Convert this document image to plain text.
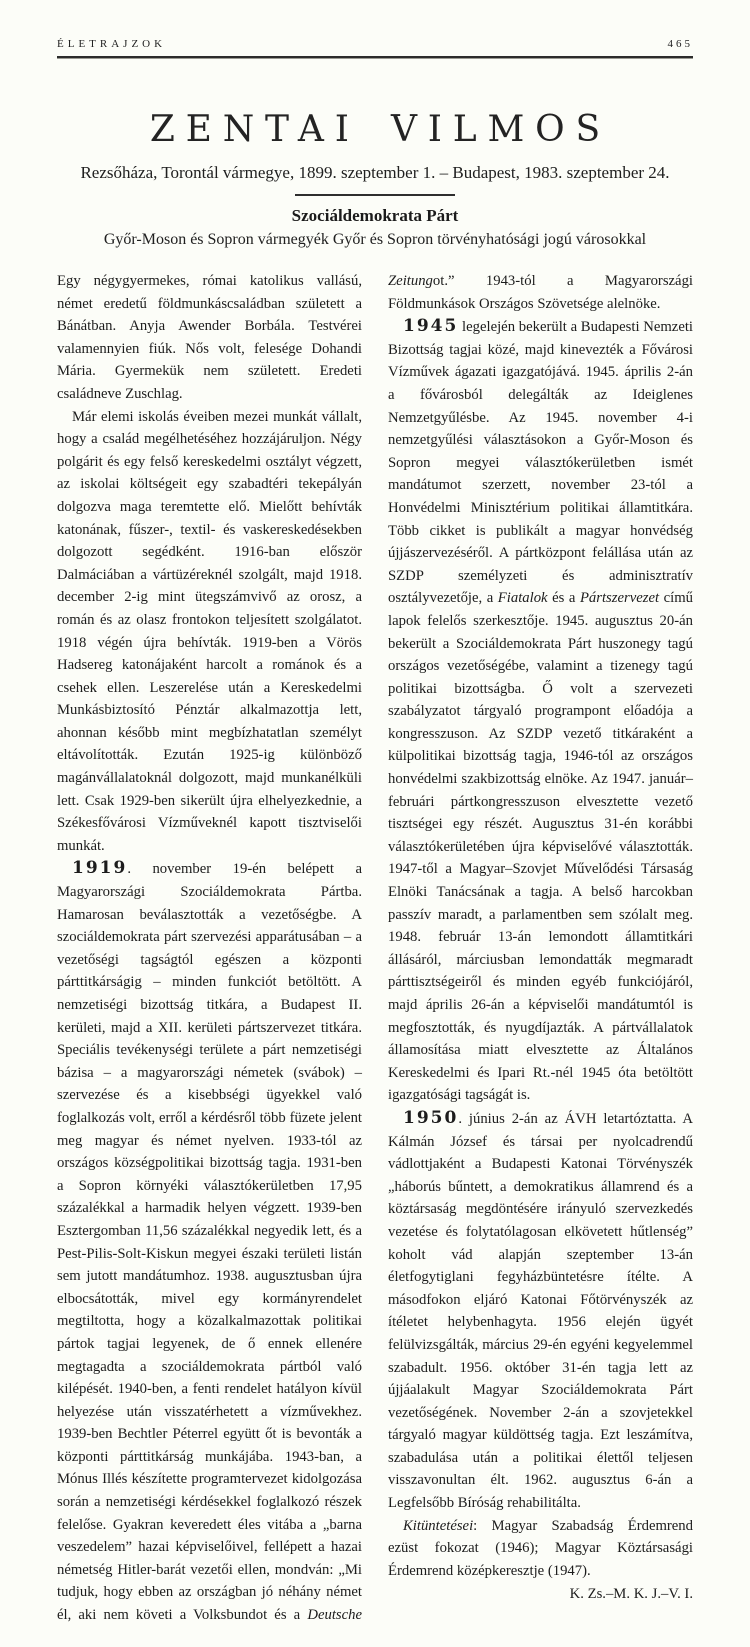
ÉLETRAJZOK	465
ZENTAI VILMOS

Rezsőháza, Torontál vármegye, 1899. szeptember 1. – Budapest, 1983. szeptember 24.

Szociáldemokrata Párt

Győr-Moson és Sopron vármegyék Győr és Sopron törvényhatósági jogú városokkal

Egy négygyermekes, római katolikus vallású, német eredetű földmunkáscsaládban született a Bánátban. Anyja Awender Borbála. Testvérei valamennyien fiúk. Nős volt, felesége Dohandi Mária. Gyermekük nem született. Eredeti családneve Zuschlag.

Már elemi iskolás éveiben mezei munkát vállalt, hogy a család megélhetéséhez hozzájáruljon. Négy polgárit és egy felső kereskedelmi osztályt végzett, az iskolai költségeit egy szabadtéri tekepályán dolgozva maga teremtette elő. Mielőtt behívták katonának, fűszer-, textil- és vaskereskedésekben dolgozott segédként. 1916-ban először Dalmáciában a vártüzéreknél szolgált, majd 1918. december 2-ig mint ütegszámvivő az orosz, a román és az olasz frontokon teljesített szolgálatot. 1918 végén újra behívták. 1919-ben a Vörös Hadsereg katonájaként harcolt a románok és a csehek ellen. Leszerelése után a Kereskedelmi Munkásbiztosító Pénztár alkalmazottja lett, ahonnan később mint megbízhatatlan személyt eltávolították. Ezután 1925-ig különböző magánvállalatoknál dolgozott, majd munkanélküli lett. Csak 1929-ben sikerült újra elhelyezkednie, a Székesfővárosi Vízműveknél kapott tisztviselői munkát.

1919. november 19-én belépett a Magyarországi Szociáldemokrata Pártba. Hamarosan beválasztották a vezetőségbe. A szociáldemokrata párt szervezési apparátusában – a vezetőségi tagságtól egészen a központi párttitkárságig – minden funkciót betöltött. A nemzetiségi bizottság titkára, a Budapest II. kerületi, majd a XII. kerületi pártszervezet titkára. Speciális tevékenységi területe a párt nemzetiségi bázisa – a magyarországi németek (svábok) – szervezése és a kisebbségi ügyekkel való foglalkozás volt, erről a kérdésről több füzete jelent meg magyar és német nyelven. 1933-tól az országos községpolitikai bizottság tagja. 1931-ben a Sopron környéki választókerületben 17,95 százalékkal a harmadik helyen végzett. 1939-ben Esztergomban 11,56 százalékkal negyedik lett, és a Pest-Pilis-Solt-Kiskun megyei északi területi listán sem jutott mandátumhoz. 1938. augusztusban újra elbocsátották, mivel egy kormányrendelet megtiltotta, hogy a közalkalmazottak politikai pártok tagjai legyenek, de ő ennek ellenére megtagadta a szociáldemokrata pártból való kilépését. 1940-ben, a fenti rendelet hatályon kívül helyezése után visszatérhetett a vízművekhez. 1939-ben Bechtler Péterrel együtt őt is bevonták a központi párttitkárság munkájába. 1943-ban, a Mónus Illés készítette programtervezet kidolgozása során a nemzetiségi kérdésekkel foglalkozó részek felelőse. Gyakran keveredett éles vitába a „barna veszedelem” hazai képviselőivel, fellépett a hazai németség Hitler-barát vezetői ellen, mondván: „Mi tudjuk, hogy ebben az országban jó néhány német él, aki nem követi a Volksbundot és a Deutsche Zeitungot.” 1943-tól a Magyarországi Földmunkások Országos Szövetsége alelnöke.

1945 legelején bekerült a Budapesti Nemzeti Bizottság tagjai közé, majd kinevezték a Fővárosi Vízművek ágazati igazgatójává. 1945. április 2-án a fővárosból delegálták az Ideiglenes Nemzetgyűlésbe. Az 1945. november 4-i nemzetgyűlési választásokon a Győr-Moson és Sopron megyei választókerületben ismét mandátumot szerzett, november 23-tól a Honvédelmi Minisztérium politikai államtitkára. Több cikket is publikált a magyar honvédség újjászervezéséről. A pártközpont felállása után az SZDP személyzeti és adminisztratív osztályvezetője, a Fiatalok és a Pártszervezet című lapok felelős szerkesztője. 1945. augusztus 20-án bekerült a Szociáldemokrata Párt huszonegy tagú országos vezetőségébe, valamint a tizenegy tagú politikai bizottságba. Ő volt a szervezeti szabályzatot tárgyaló programpont előadója a kongresszuson. Az SZDP vezető titkáraként a külpolitikai bizottság tagja, 1946-tól az országos honvédelmi szakbizottság elnöke. Az 1947. január–februári pártkongresszuson elvesztette vezető tisztségei egy részét. Augusztus 31-én korábbi választókerületében újra képviselővé választották. 1947-től a Magyar–Szovjet Művelődési Társaság Elnöki Tanácsának a tagja. A belső harcokban passzív maradt, a parlamentben sem szólalt meg. 1948. február 13-án lemondott államtitkári állásáról, márciusban lemondatták megmaradt párttisztségeiről és minden egyéb funkciójáról, majd április 26-án a képviselői mandátumtól is megfosztották, és nyugdíjazták. A pártvállalatok államosítása miatt elvesztette az Általános Kereskedelmi és Ipari Rt.-nél 1945 óta betöltött igazgatósági tagságát is.

1950. június 2-án az ÁVH letartóztatta. A Kálmán József és társai per nyolcadrendű vádlottjaként a Budapesti Katonai Törvényszék „háborús bűntett, a demokratikus államrend és a köztársaság megdöntésére irányuló szervezkedés vezetése és folytatólagosan elkövetett hűtlenség” koholt vád alapján szeptember 13-án életfogytiglani fegyházbüntetésre ítélte. A másodfokon eljáró Katonai Főtörvényszék az ítéletet helybenhagyta. 1956 elején ügyét felülvizsgálták, március 29-én egyéni kegyelemmel szabadult. 1956. október 31-én tagja lett az újjáalakult Magyar Szociáldemokrata Párt vezetőségének. November 2-án a szovjetekkel tárgyaló magyar küldöttség tagja. Ezt leszámítva, szabadulása után a politikai élettől teljesen visszavonultan élt. 1962. augusztus 6-án a Legfelsőbb Bíróság rehabilitálta.

Kitüntetései: Magyar Szabadság Érdemrend ezüst fokozat (1946); Magyar Köztársasági Érdemrend középkeresztje (1947).

K. Zs.–M. K. J.–V. I.
